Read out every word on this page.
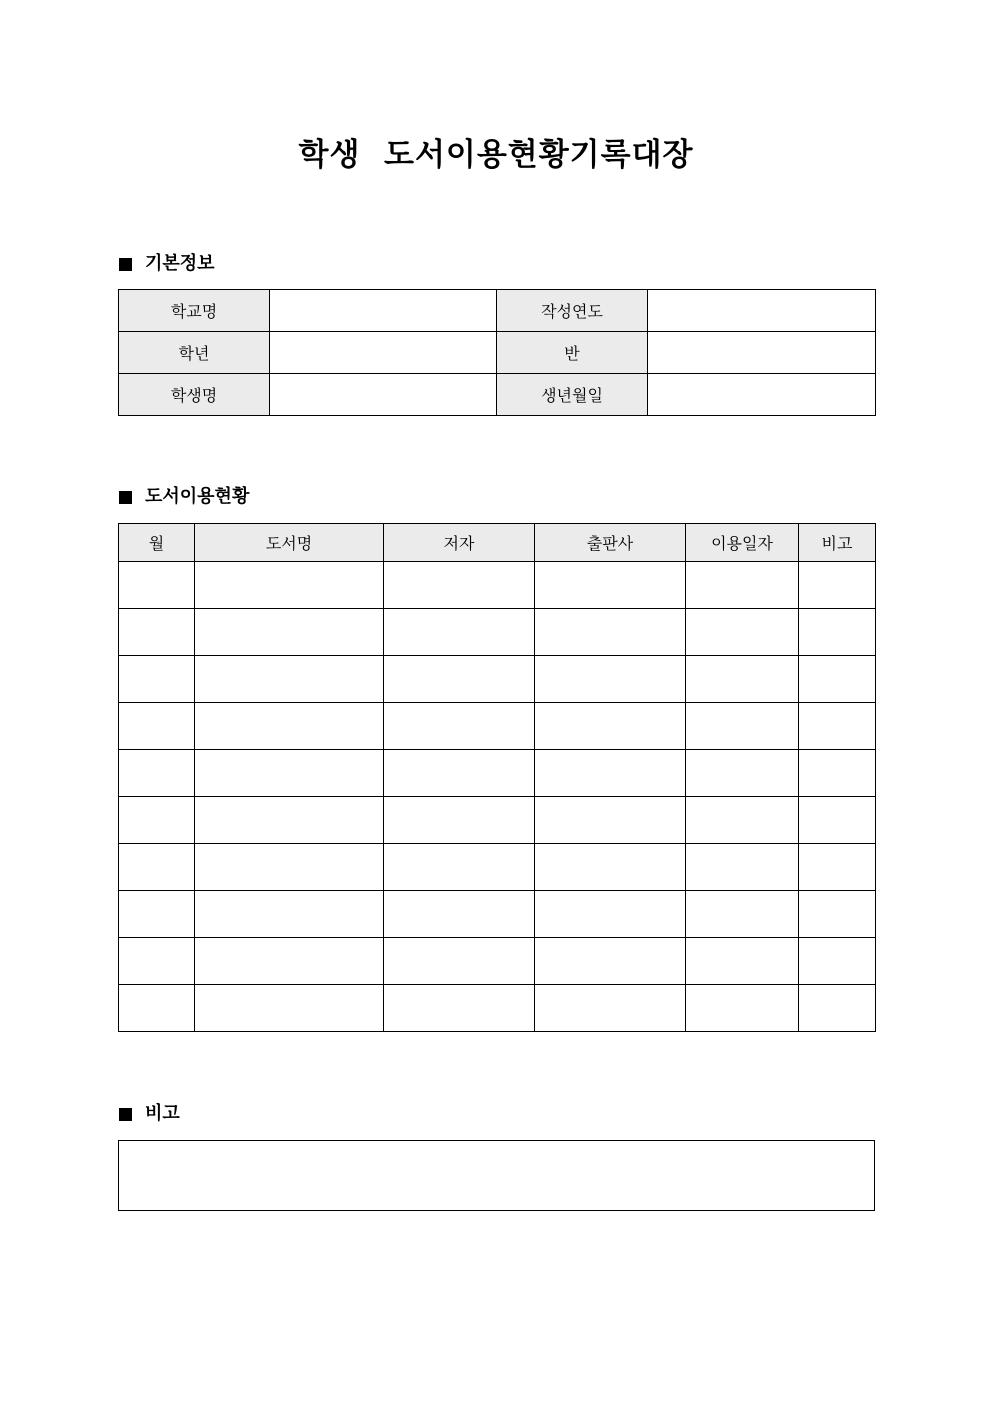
학생  도서이용현황기록대장
기본정보
학교명		작성연도	
학년		반	
학생명		생년월일	
도서이용현황
월	도서명	저자	출판사	이용일자	비고

비고
